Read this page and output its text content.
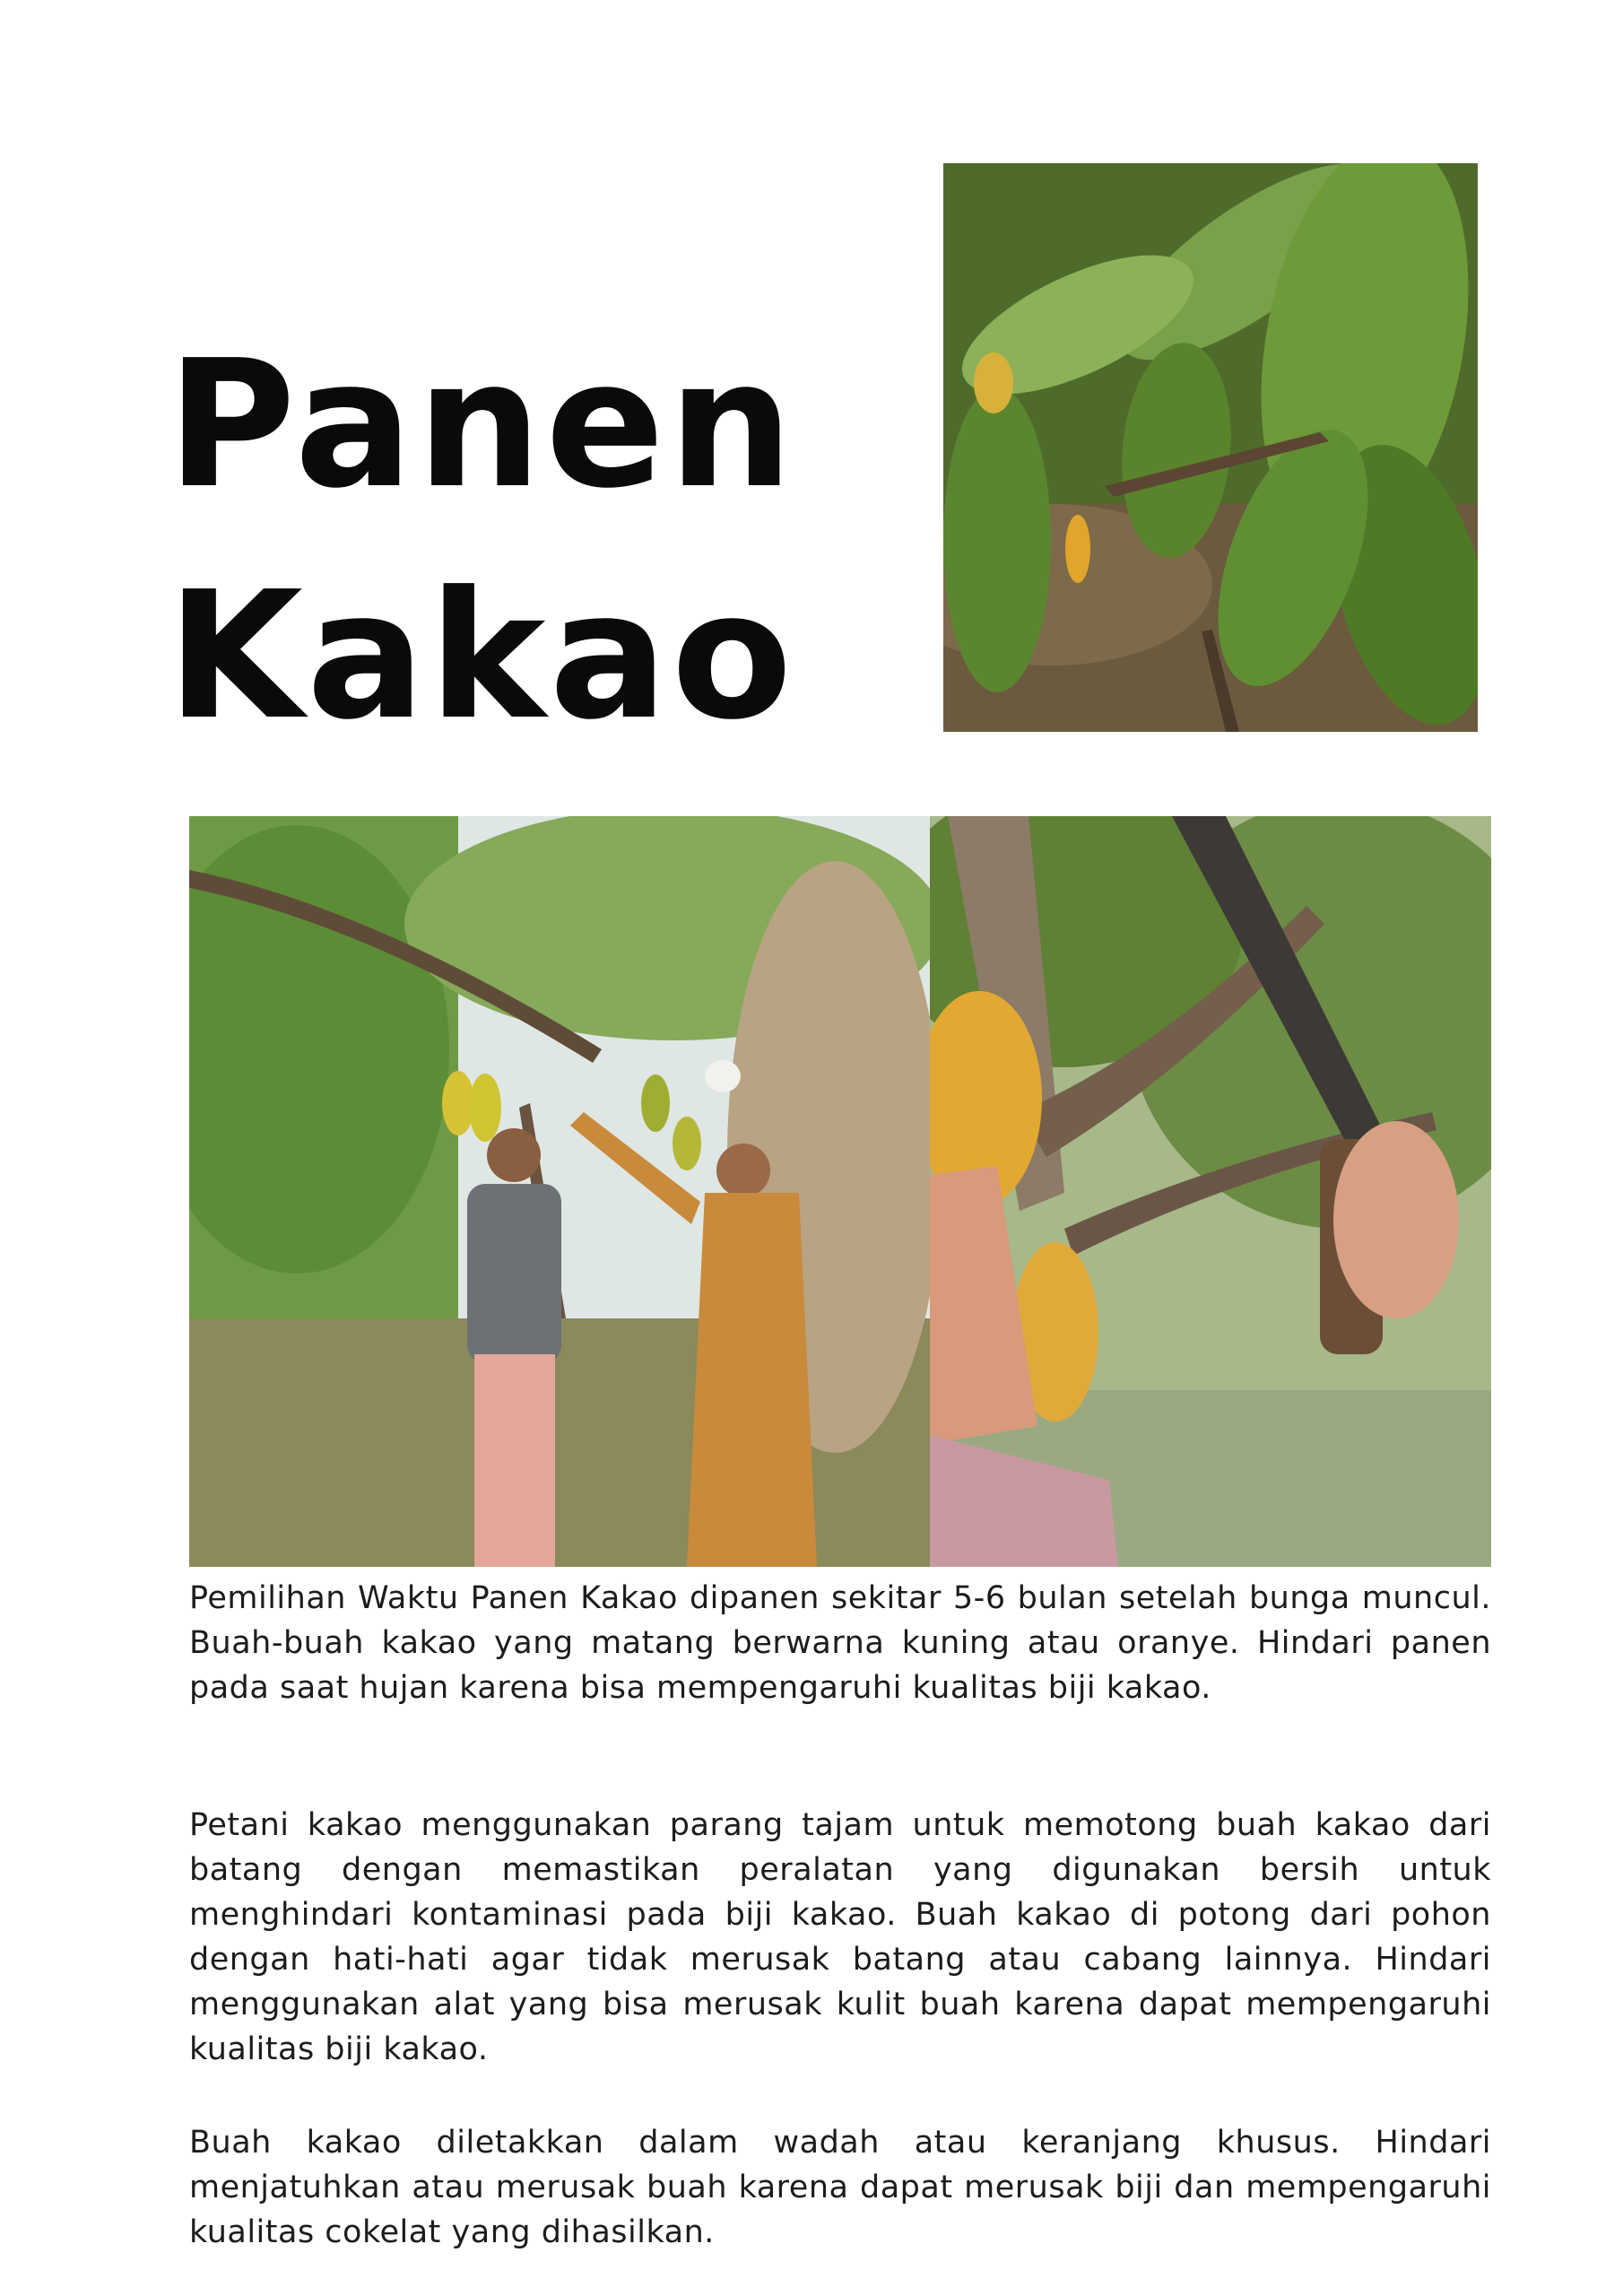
Panen
Kakao

Pemilihan Waktu Panen Kakao dipanen sekitar 5-6 bulan setelah bunga muncul. Buah-buah kakao yang matang berwarna kuning atau oranye. Hindari panen pada saat hujan karena bisa mempengaruhi kualitas biji kakao.

Petani kakao menggunakan parang tajam untuk memotong buah kakao dari batang dengan memastikan peralatan yang digunakan bersih untuk menghindari kontaminasi pada biji kakao. Buah kakao di potong dari pohon dengan hati-hati agar tidak merusak batang atau cabang lainnya. Hindari menggunakan alat yang bisa merusak kulit buah karena dapat mempengaruhi kualitas biji kakao.

Buah kakao diletakkan dalam wadah atau keranjang khusus. Hindari menjatuhkan atau merusak buah karena dapat merusak biji dan mempengaruhi kualitas cokelat yang dihasilkan.
